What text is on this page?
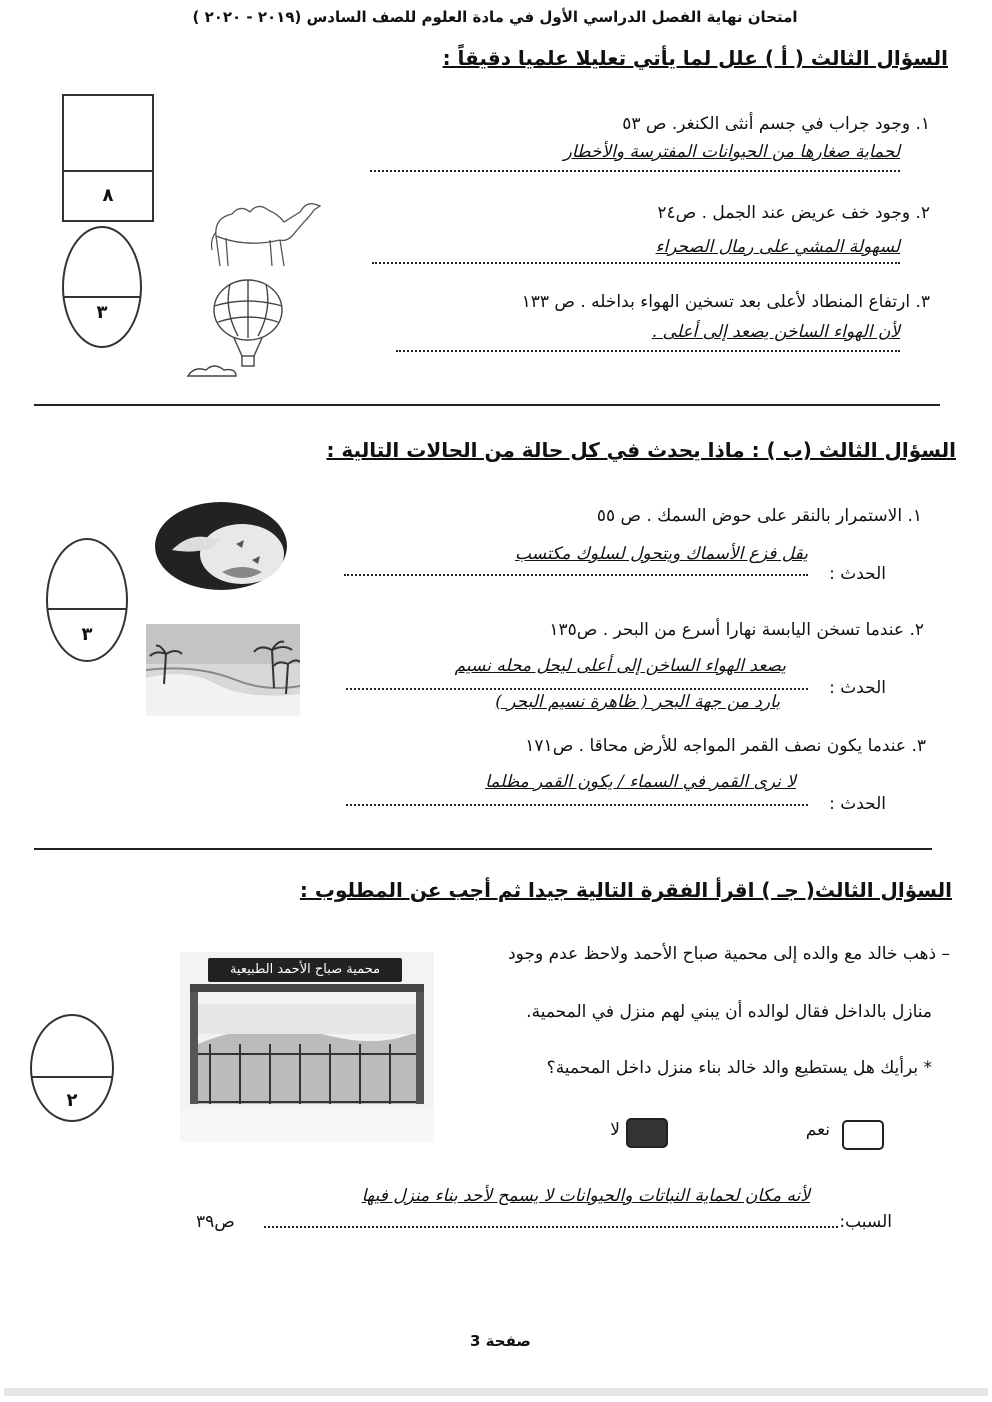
امتحان نهاية الفصل الدراسي الأول في مادة العلوم للصف السادس (٢٠١٩ - ٢٠٢٠ )
السؤال الثالث ( أ ) علل لما يأتي تعليلا علميا دقيقاً :
٨
٣
١. وجود جراب في جسم أنثى الكنغر. ص ٥٣
لحماية صغارها من الحيوانات المفترسة والأخطار
٢. وجود خف عريض عند الجمل . ص٢٤
لسهولة المشي على رمال الصحراء
٣. ارتفاع المنطاد لأعلى بعد تسخين الهواء بداخله . ص ١٣٣
لأن الهواء الساخن يصعد إلى أعلى .
السؤال الثالث (ب ) : ماذا يحدث في كل حالة من الحالات التالية :
٣
١. الاستمرار بالنقر على حوض السمك . ص ٥٥
يقل فزع الأسماك ويتحول لسلوك مكتسب
الحدث :
٢. عندما تسخن اليابسة نهارا أسرع من البحر . ص١٣٥
يصعد الهواء الساخن إلى أعلى ليحل محله نسيم
الحدث :
بارد من جهة البحر ( ظاهرة نسيم البحر )
٣. عندما يكون نصف القمر المواجه للأرض محاقا . ص١٧١
لا نرى القمر في السماء / يكون القمر مظلما
الحدث :
السؤال الثالث( جـ ) اقرأ الفقرة التالية جيدا ثم أجب عن المطلوب :
٢
محمية صباح الأحمد الطبيعية
– ذهب خالد مع والده إلى محمية صباح الأحمد ولاحظ عدم وجود
منازل بالداخل فقال لوالده أن يبني لهم منزل في المحمية.
* برأيك هل يستطيع والد خالد بناء منزل داخل المحمية؟
نعم
لا
لأنه مكان لحماية النباتات والحيوانات لا يسمح لأحد بناء منزل فيها
السبب:
ص٣٩
صفحة 3
